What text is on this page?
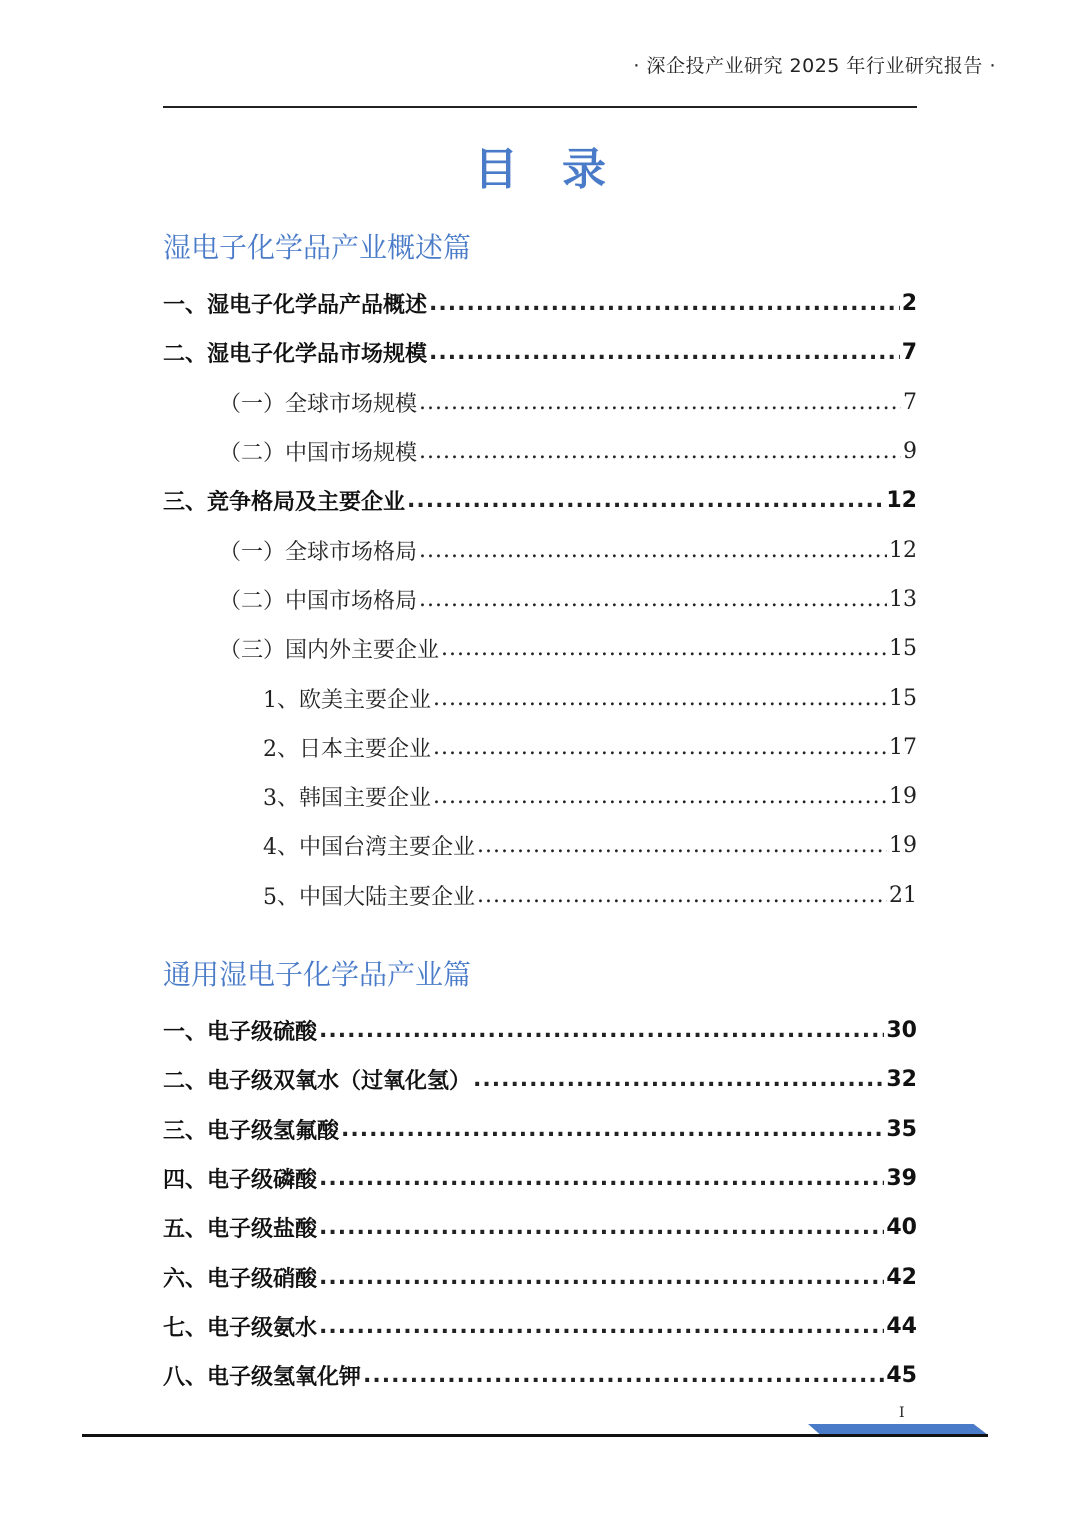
· 深企投产业研究 2025 年行业研究报告 ·
目录
湿电子化学品产业概述篇
一、湿电子化学品产品概述 .....	2
二、湿电子化学品市场规模 .....	7
（一）全球市场规模 .....	7
（二）中国市场规模 .....	9
三、竞争格局及主要企业 .....	12
（一）全球市场格局 .....	12
（二）中国市场格局 .....	13
（三）国内外主要企业 .....	15
1、欧美主要企业 .....	15
2、日本主要企业 .....	17
3、韩国主要企业 .....	19
4、中国台湾主要企业 .....	19
5、中国大陆主要企业 .....	21
通用湿电子化学品产业篇
一、电子级硫酸 .....	30
二、电子级双氧水（过氧化氢） .....	32
三、电子级氢氟酸 .....	35
四、电子级磷酸 .....	39
五、电子级盐酸 .....	40
六、电子级硝酸 .....	42
七、电子级氨水 .....	44
八、电子级氢氧化钾 .....	45
I
